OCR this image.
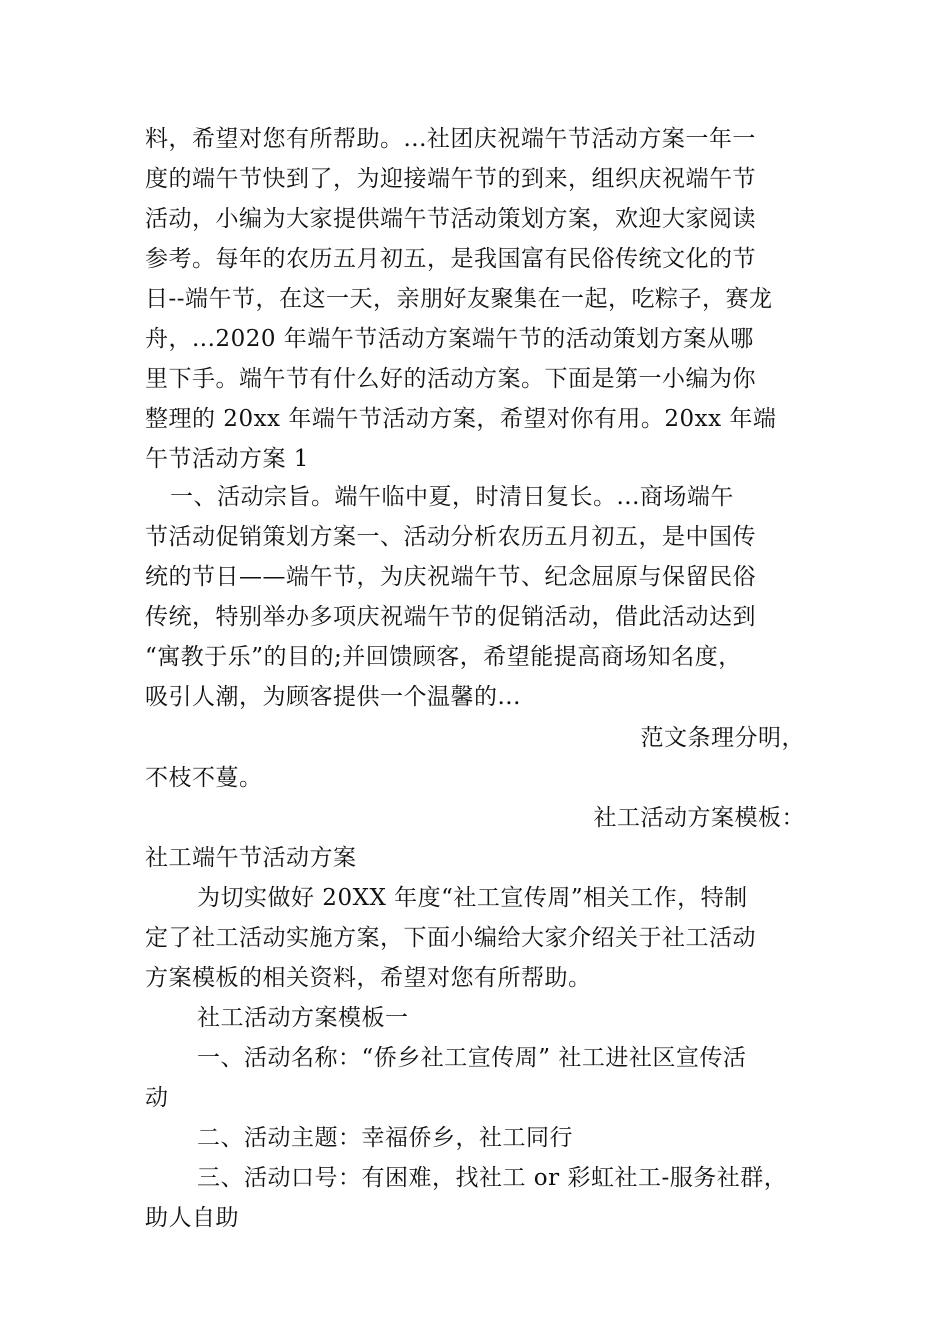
料，希望对您有所帮助。...社团庆祝端午节活动方案一年一
度的端午节快到了，为迎接端午节的到来，组织庆祝端午节
活动，小编为大家提供端午节活动策划方案，欢迎大家阅读
参考。每年的农历五月初五，是我国富有民俗传统文化的节
日--端午节，在这一天，亲朋好友聚集在一起，吃粽子，赛龙
舟，...2020 年端午节活动方案端午节的活动策划方案从哪
里下手。端午节有什么好的活动方案。下面是第一小编为你
整理的 20xx 年端午节活动方案，希望对你有用。20xx 年端
午节活动方案 1
一、活动宗旨。端午临中夏，时清日复长。...商场端午
节活动促销策划方案一、活动分析农历五月初五，是中国传
统的节日——端午节，为庆祝端午节、纪念屈原与保留民俗
传统，特别举办多项庆祝端午节的促销活动，借此活动达到
“寓教于乐”的目的;并回馈顾客，希望能提高商场知名度，
吸引人潮，为顾客提供一个温馨的...
范文条理分明，
不枝不蔓。
社工活动方案模板：
社工端午节活动方案
为切实做好 20XX 年度“社工宣传周”相关工作，特制
定了社工活动实施方案，下面小编给大家介绍关于社工活动
方案模板的相关资料，希望对您有所帮助。
社工活动方案模板一
一、活动名称：“侨乡社工宣传周” 社工进社区宣传活
动
二、活动主题：幸福侨乡，社工同行
三、活动口号：有困难，找社工 or 彩虹社工-服务社群，
助人自助
